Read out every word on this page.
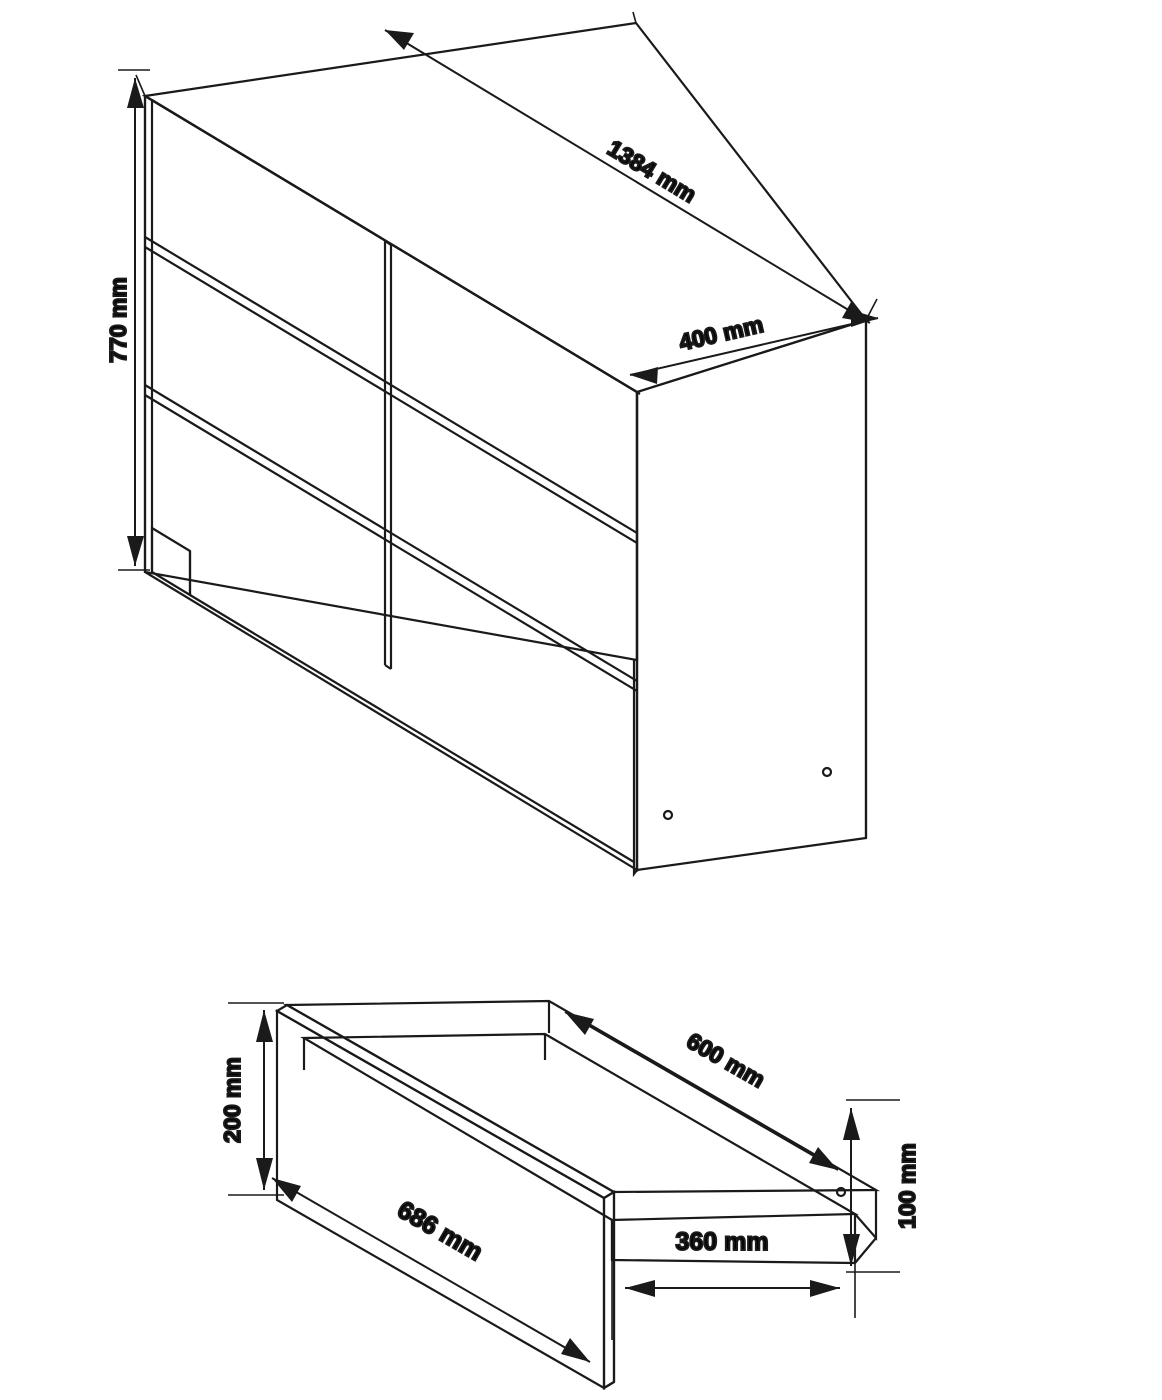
1384 mm
400 mm
770 mm
200 mm
686 mm
600 mm
360 mm
100 mm
